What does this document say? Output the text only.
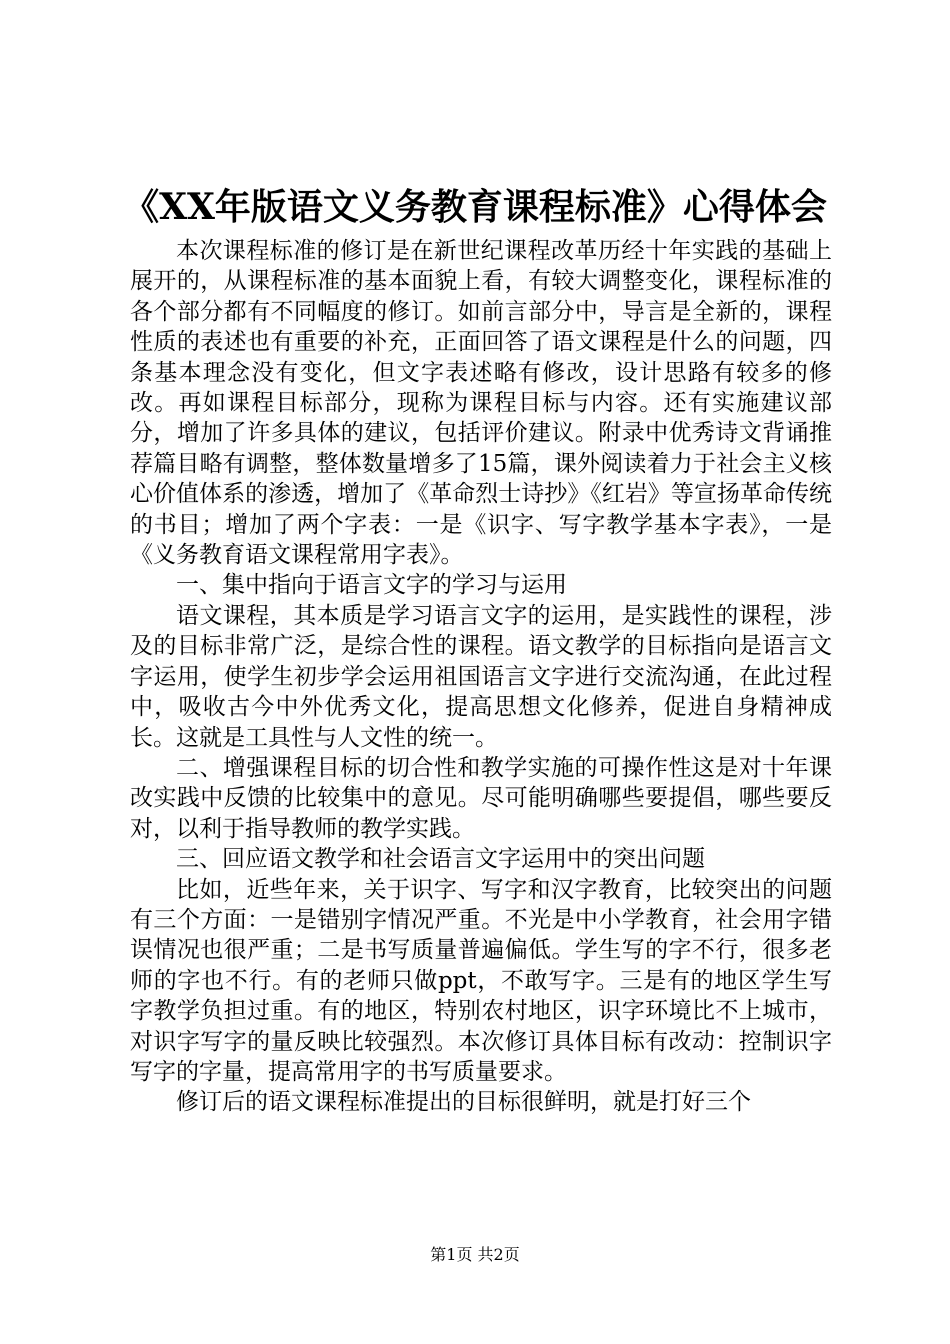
《XX年版语文义务教育课程标准》心得体会

本次课程标准的修订是在新世纪课程改革历经十年实践的基础上展开的，从课程标准的基本面貌上看，有较大调整变化，课程标准的各个部分都有不同幅度的修订。如前言部分中，导言是全新的，课程性质的表述也有重要的补充，正面回答了语文课程是什么的问题，四条基本理念没有变化，但文字表述略有修改，设计思路有较多的修改。再如课程目标部分，现称为课程目标与内容。还有实施建议部分，增加了许多具体的建议，包括评价建议。附录中优秀诗文背诵推荐篇目略有调整，整体数量增多了15篇，课外阅读着力于社会主义核心价值体系的渗透，增加了《革命烈士诗抄》《红岩》等宣扬革命传统的书目；增加了两个字表：一是《识字、写字教学基本字表》，一是《义务教育语文课程常用字表》。

一、集中指向于语言文字的学习与运用

语文课程，其本质是学习语言文字的运用，是实践性的课程，涉及的目标非常广泛，是综合性的课程。语文教学的目标指向是语言文字运用，使学生初步学会运用祖国语言文字进行交流沟通，在此过程中，吸收古今中外优秀文化，提高思想文化修养，促进自身精神成长。这就是工具性与人文性的统一。

二、增强课程目标的切合性和教学实施的可操作性这是对十年课改实践中反馈的比较集中的意见。尽可能明确哪些要提倡，哪些要反对，以利于指导教师的教学实践。

三、回应语文教学和社会语言文字运用中的突出问题

比如，近些年来，关于识字、写字和汉字教育，比较突出的问题有三个方面：一是错别字情况严重。不光是中小学教育，社会用字错误情况也很严重；二是书写质量普遍偏低。学生写的字不行，很多老师的字也不行。有的老师只做ppt，不敢写字。三是有的地区学生写字教学负担过重。有的地区，特别农村地区，识字环境比不上城市，对识字写字的量反映比较强烈。本次修订具体目标有改动：控制识字写字的字量，提高常用字的书写质量要求。

修订后的语文课程标准提出的目标很鲜明，就是打好三个

第1页 共2页
